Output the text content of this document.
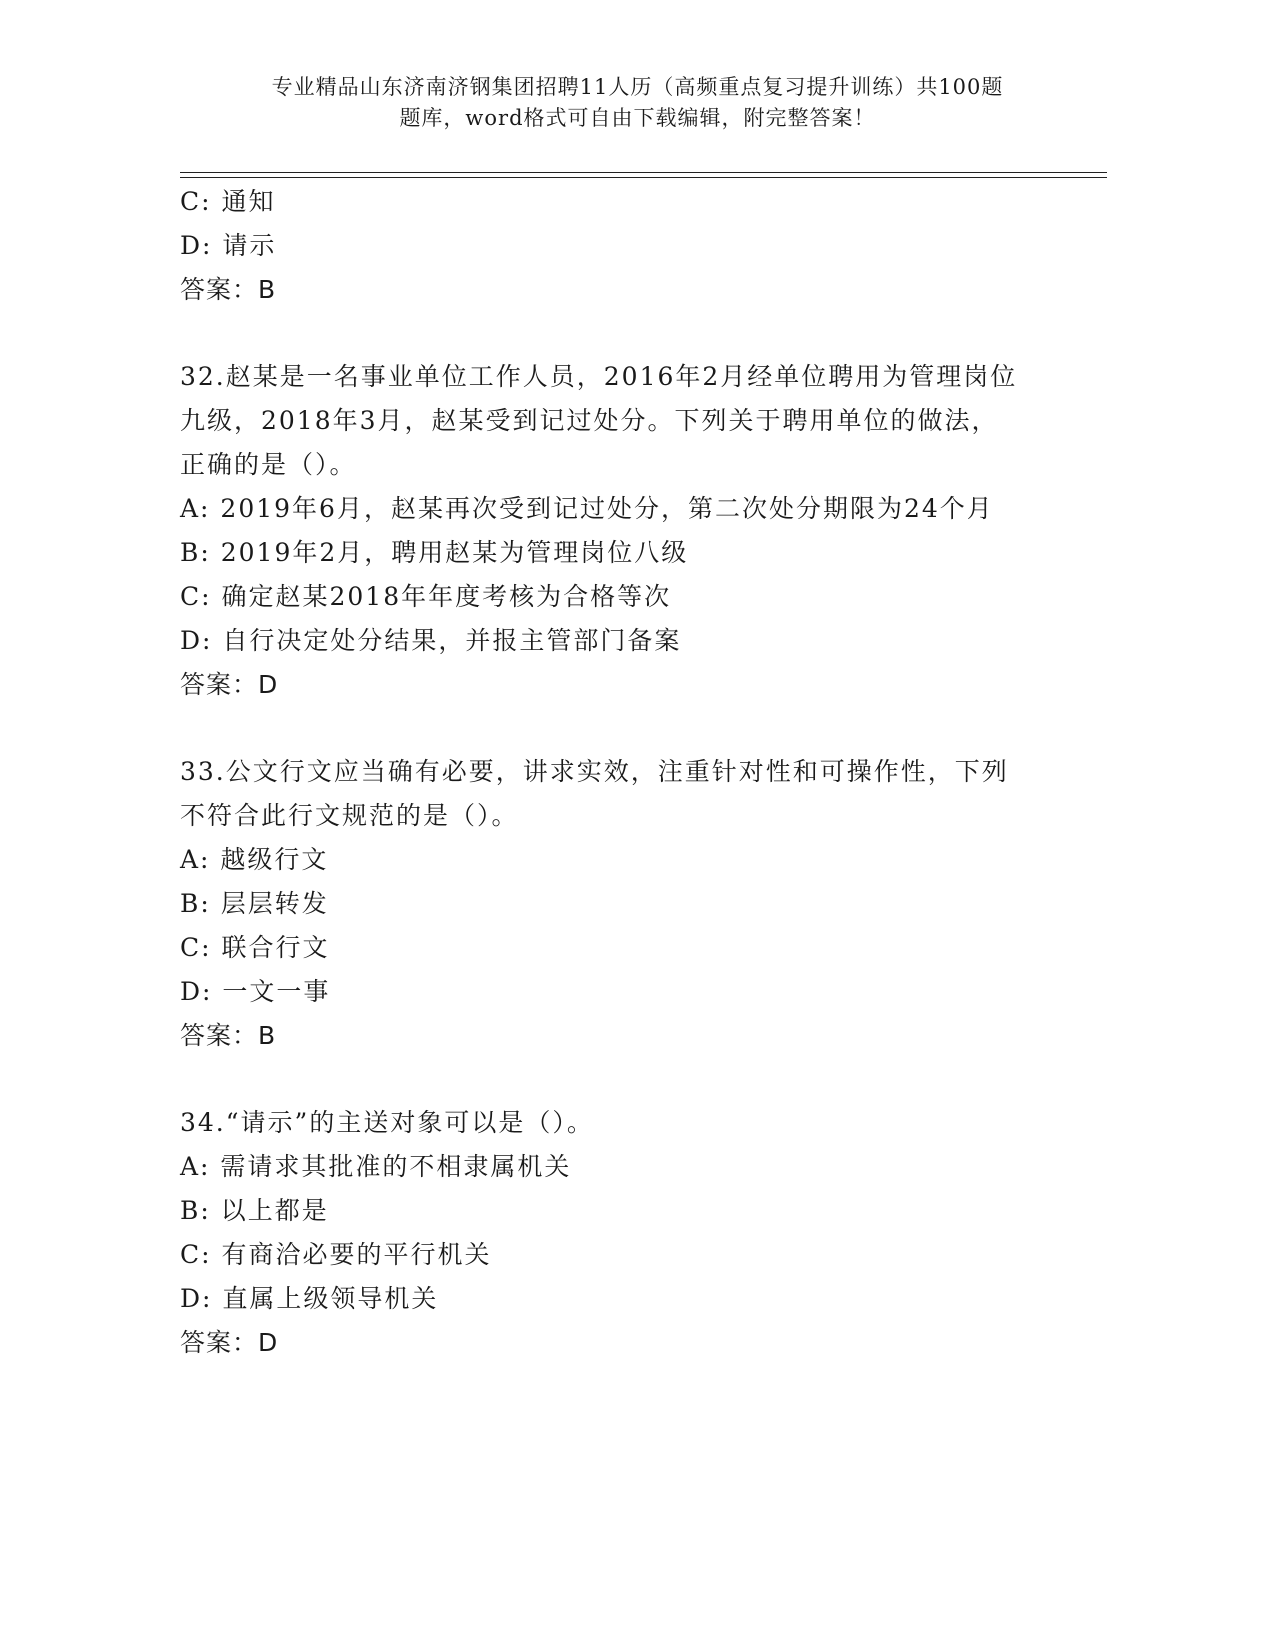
专业精品山东济南济钢集团招聘11人历（高频重点复习提升训练）共100题
题库，word格式可自由下载编辑，附完整答案！
C: 通知
D: 请示
答案：B
32.赵某是一名事业单位工作人员，2016年2月经单位聘用为管理岗位
九级，2018年3月，赵某受到记过处分。下列关于聘用单位的做法，
正确的是（）。
A: 2019年6月，赵某再次受到记过处分，第二次处分期限为24个月
B: 2019年2月，聘用赵某为管理岗位八级
C: 确定赵某2018年年度考核为合格等次
D: 自行决定处分结果，并报主管部门备案
答案：D
33.公文行文应当确有必要，讲求实效，注重针对性和可操作性，下列
不符合此行文规范的是（）。
A: 越级行文
B: 层层转发
C: 联合行文
D: 一文一事
答案：B
34.“请示”的主送对象可以是（）。
A: 需请求其批准的不相隶属机关
B: 以上都是
C: 有商洽必要的平行机关
D: 直属上级领导机关
答案：D
